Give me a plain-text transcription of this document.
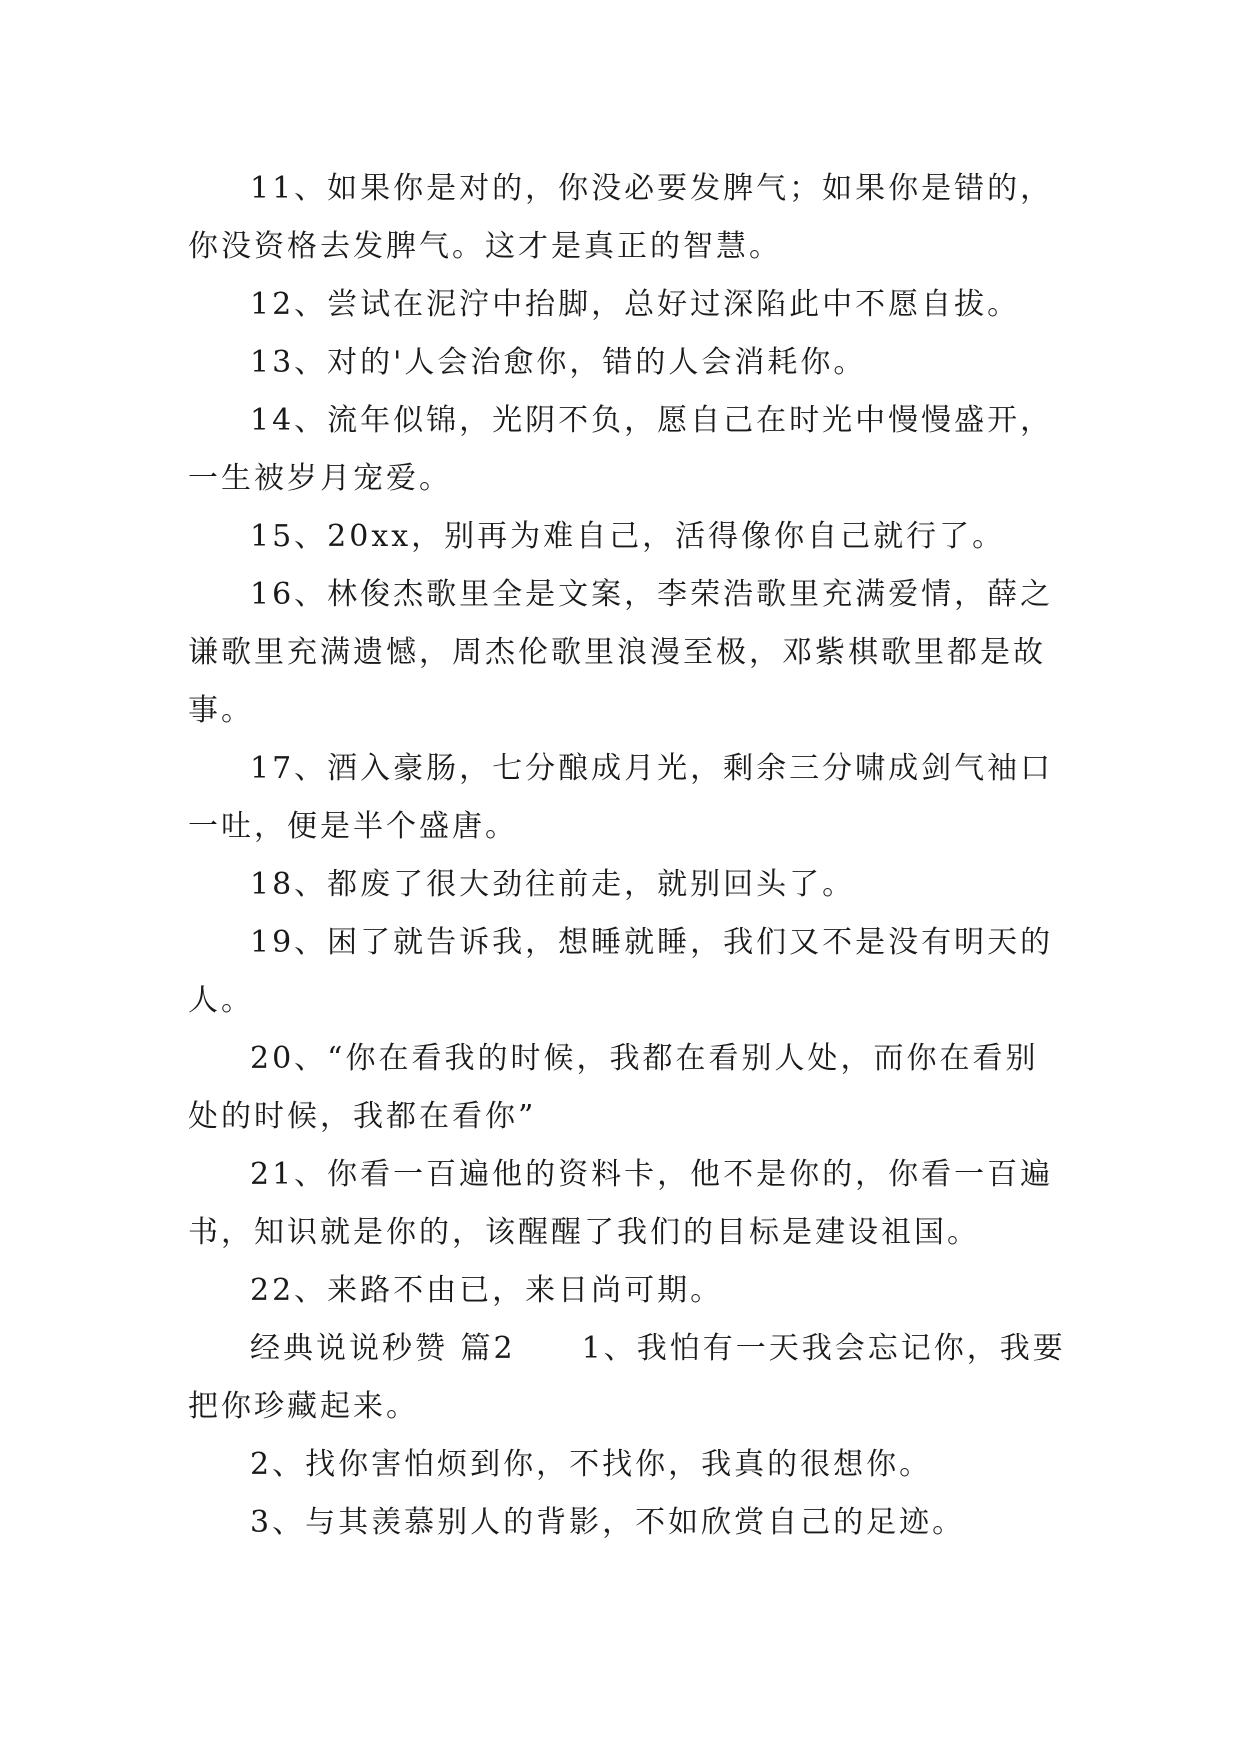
11、如果你是对的，你没必要发脾气；如果你是错的，你没资格去发脾气。这才是真正的智慧。

12、尝试在泥泞中抬脚，总好过深陷此中不愿自拔。

13、对的'人会治愈你，错的人会消耗你。

14、流年似锦，光阴不负，愿自己在时光中慢慢盛开，一生被岁月宠爱。

15、20xx，别再为难自己，活得像你自己就行了。

16、林俊杰歌里全是文案，李荣浩歌里充满爱情，薛之谦歌里充满遗憾，周杰伦歌里浪漫至极，邓紫棋歌里都是故事。

17、酒入豪肠，七分酿成月光，剩余三分啸成剑气袖口一吐，便是半个盛唐。

18、都废了很大劲往前走，就别回头了。

19、困了就告诉我，想睡就睡，我们又不是没有明天的人。

20、“你在看我的时候，我都在看别人处，而你在看别处的时候，我都在看你”

21、你看一百遍他的资料卡，他不是你的，你看一百遍书，知识就是你的，该醒醒了我们的目标是建设祖国。

22、来路不由已，来日尚可期。

经典说说秒赞 篇2　　1、我怕有一天我会忘记你，我要把你珍藏起来。

2、找你害怕烦到你，不找你，我真的很想你。

3、与其羡慕别人的背影，不如欣赏自己的足迹。
